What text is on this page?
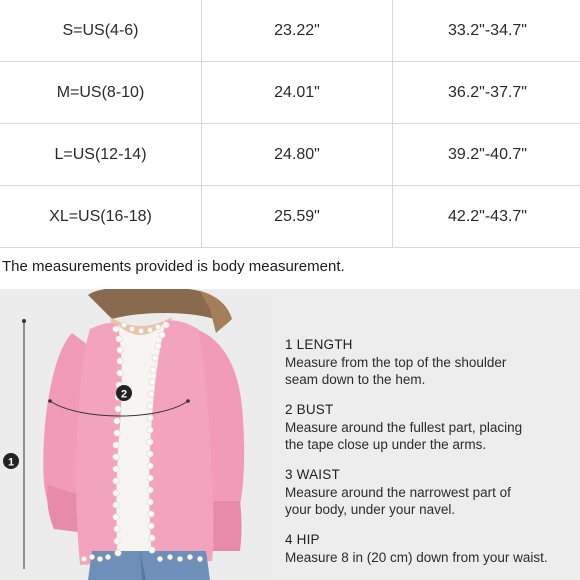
S=US(4-6)	23.22"	33.2"-34.7"
M=US(8-10)	24.01"	36.2"-37.7"
L=US(12-14)	24.80"	39.2"-40.7"
XL=US(16-18)	25.59"	42.2"-43.7"
The measurements provided is body measurement.
2
1
1 LENGTH
Measure from the top of the shoulder
seam down to the hem.
2 BUST
Measure around the fullest part, placing
the tape close up under the arms.
3 WAIST
Measure around the narrowest part of
your body, under your navel.
4 HIP
Measure 8 in (20 cm) down from your waist.
